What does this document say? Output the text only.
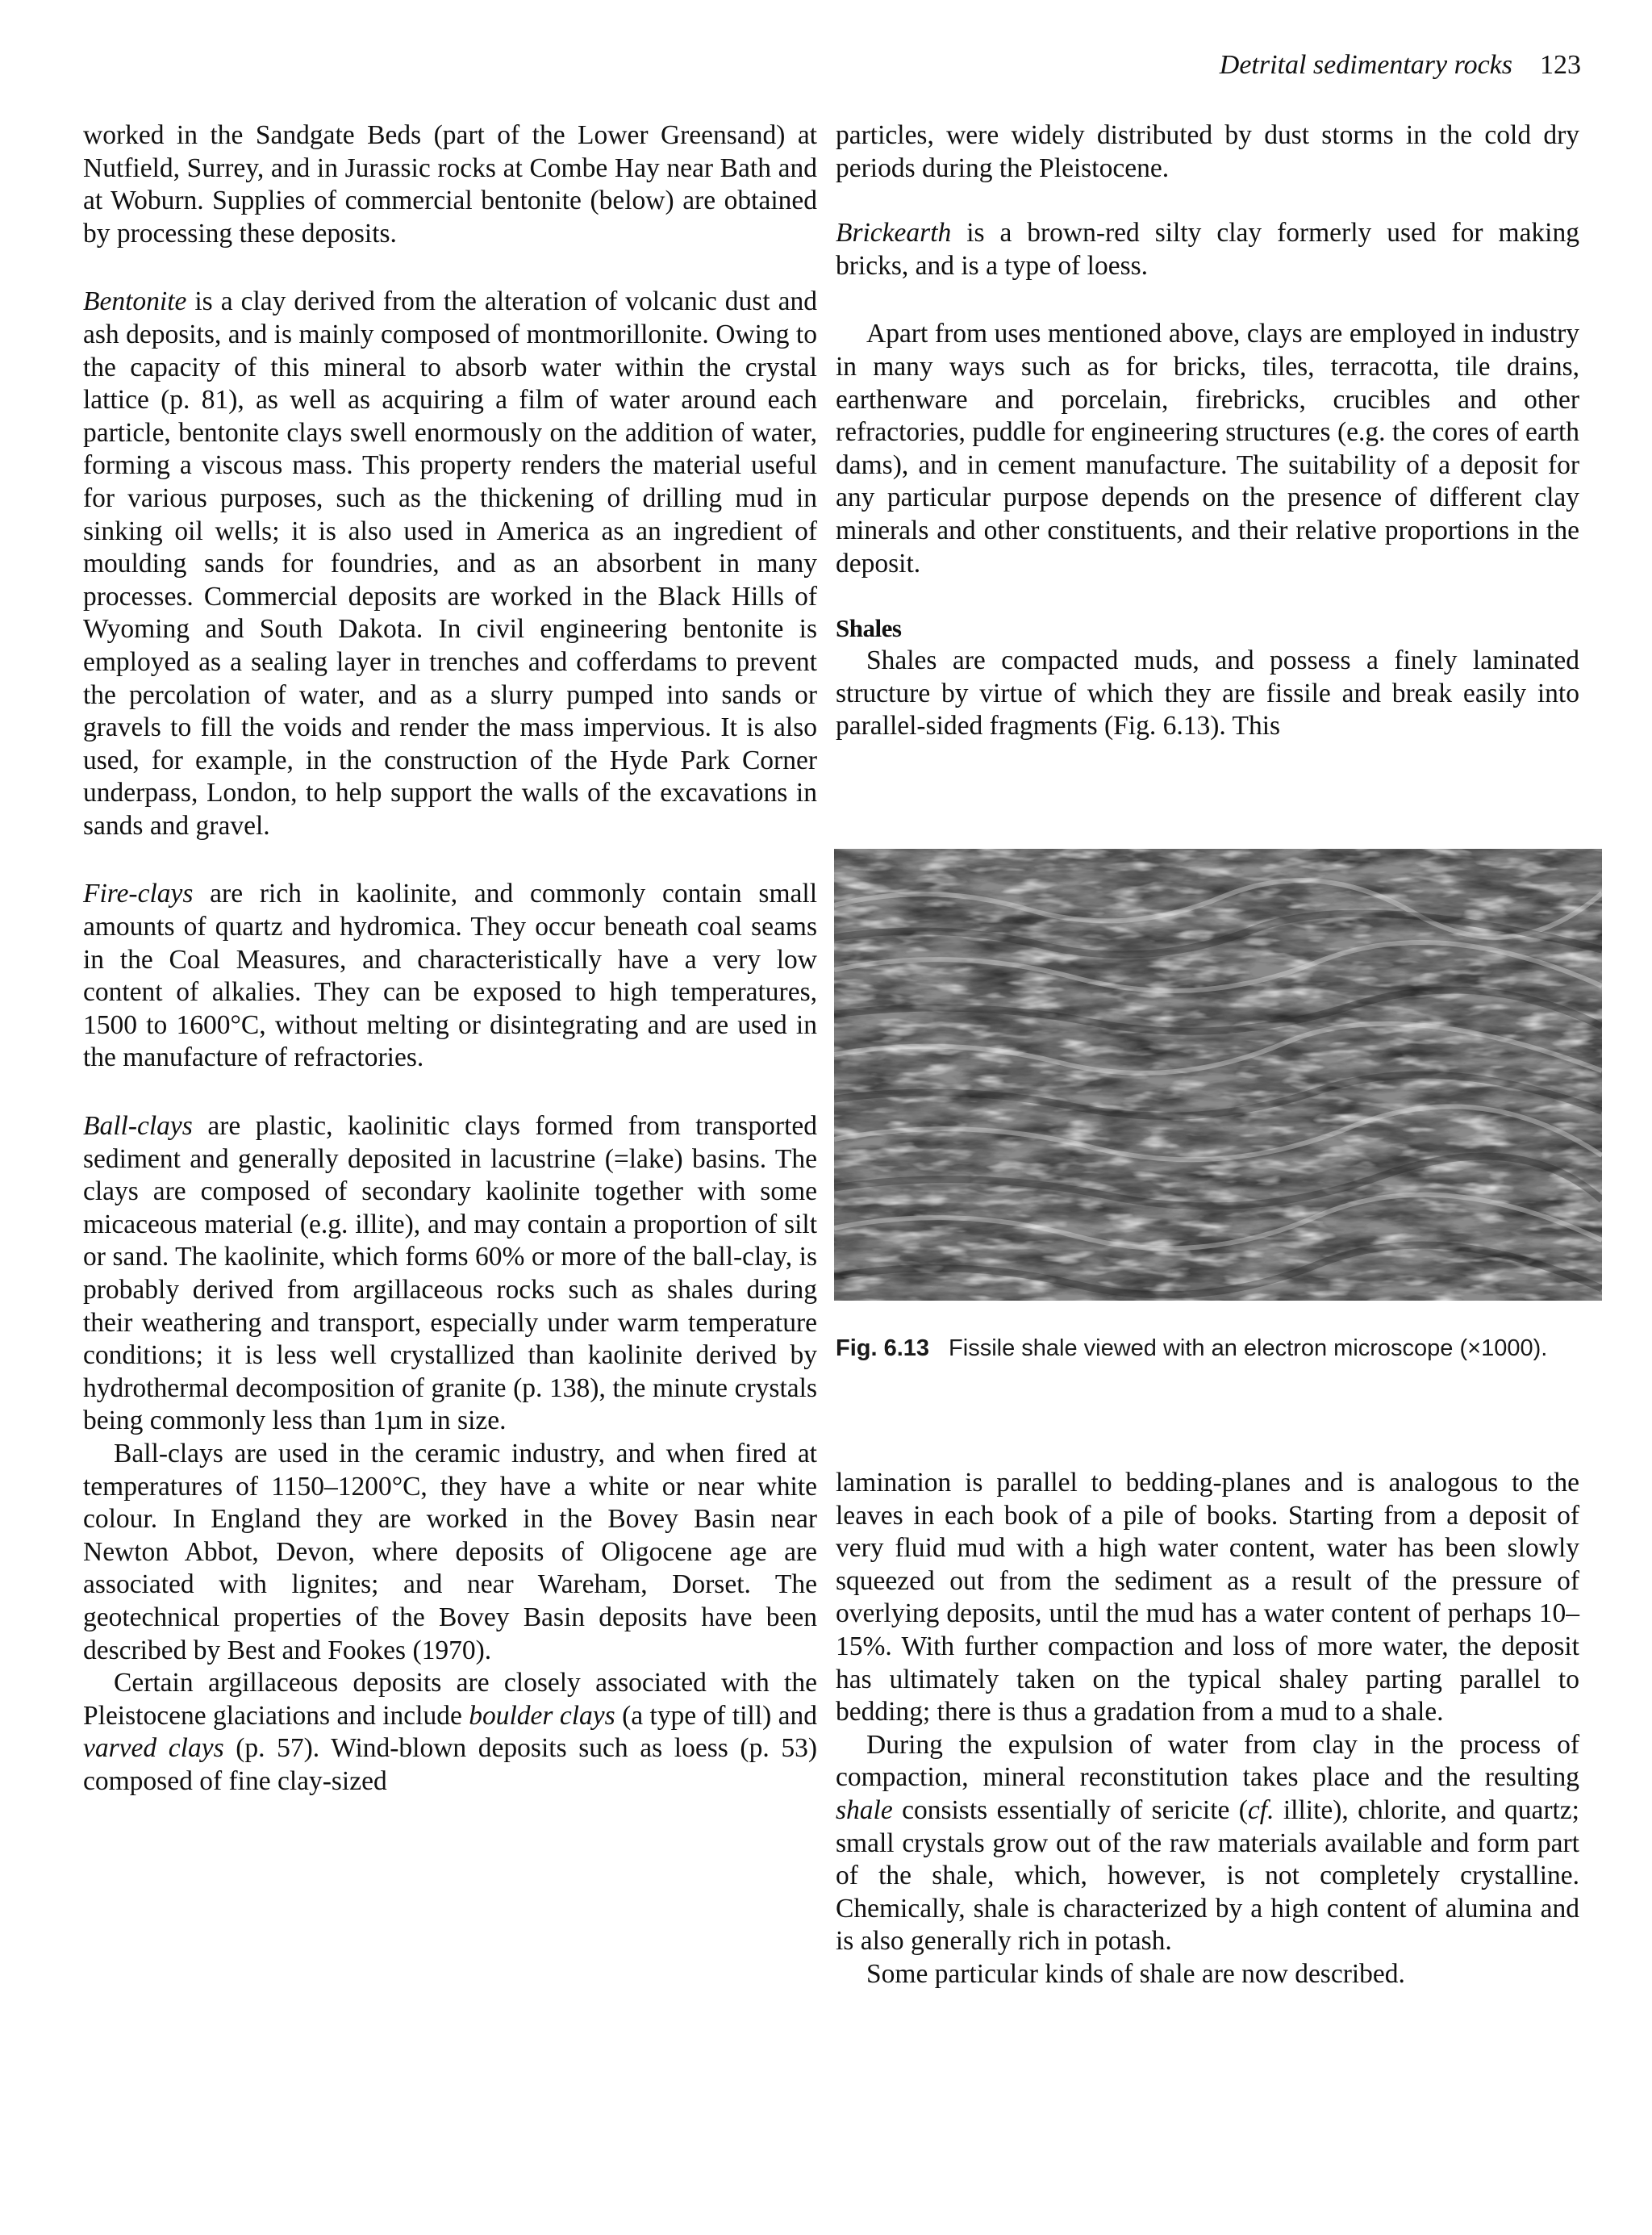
Detrital sedimentary rocks 123

worked in the Sandgate Beds (part of the Lower Greensand) at Nutfield, Surrey, and in Jurassic rocks at Combe Hay near Bath and at Woburn. Supplies of commercial bentonite (below) are obtained by processing these deposits.

Bentonite is a clay derived from the alteration of volcanic dust and ash deposits, and is mainly composed of montmorillonite. Owing to the capacity of this mineral to absorb water within the crystal lattice (p. 81), as well as acquiring a film of water around each particle, bentonite clays swell enormously on the addition of water, forming a viscous mass. This property renders the material useful for various purposes, such as the thickening of drilling mud in sinking oil wells; it is also used in America as an ingredient of moulding sands for foundries, and as an absorbent in many processes. Commercial deposits are worked in the Black Hills of Wyoming and South Dakota. In civil engineering bentonite is employed as a sealing layer in trenches and cofferdams to prevent the percolation of water, and as a slurry pumped into sands or gravels to fill the voids and render the mass impervious. It is also used, for example, in the construction of the Hyde Park Corner underpass, London, to help support the walls of the excavations in sands and gravel.

Fire-clays are rich in kaolinite, and commonly contain small amounts of quartz and hydromica. They occur beneath coal seams in the Coal Measures, and characteristically have a very low content of alkalies. They can be exposed to high temperatures, 1500 to 1600°C, without melting or disintegrating and are used in the manufacture of refractories.

Ball-clays are plastic, kaolinitic clays formed from transported sediment and generally deposited in lacustrine (=lake) basins. The clays are composed of secondary kaolinite together with some micaceous material (e.g. illite), and may contain a proportion of silt or sand. The kaolinite, which forms 60% or more of the ball-clay, is probably derived from argillaceous rocks such as shales during their weathering and transport, especially under warm temperature conditions; it is less well crystallized than kaolinite derived by hydrothermal decomposition of granite (p. 138), the minute crystals being commonly less than 1µm in size.

Ball-clays are used in the ceramic industry, and when fired at temperatures of 1150–1200°C, they have a white or near white colour. In England they are worked in the Bovey Basin near Newton Abbot, Devon, where deposits of Oligocene age are associated with lignites; and near Wareham, Dorset. The geotechnical properties of the Bovey Basin deposits have been described by Best and Fookes (1970).

Certain argillaceous deposits are closely associated with the Pleistocene glaciations and include boulder clays (a type of till) and varved clays (p. 57). Wind-blown deposits such as loess (p. 53) composed of fine clay-sized

particles, were widely distributed by dust storms in the cold dry periods during the Pleistocene.

Brickearth is a brown-red silty clay formerly used for making bricks, and is a type of loess.

Apart from uses mentioned above, clays are employed in industry in many ways such as for bricks, tiles, terracotta, tile drains, earthenware and porcelain, firebricks, crucibles and other refractories, puddle for engineering structures (e.g. the cores of earth dams), and in cement manufacture. The suitability of a deposit for any particular purpose depends on the presence of different clay minerals and other constituents, and their relative proportions in the deposit.

Shales

Shales are compacted muds, and possess a finely laminated structure by virtue of which they are fissile and break easily into parallel-sided fragments (Fig. 6.13). This

Fig. 6.13 Fissile shale viewed with an electron microscope (×1000).

lamination is parallel to bedding-planes and is analogous to the leaves in each book of a pile of books. Starting from a deposit of very fluid mud with a high water content, water has been slowly squeezed out from the sediment as a result of the pressure of overlying deposits, until the mud has a water content of perhaps 10–15%. With further compaction and loss of more water, the deposit has ultimately taken on the typical shaley parting parallel to bedding; there is thus a gradation from a mud to a shale.

During the expulsion of water from clay in the process of compaction, mineral reconstitution takes place and the resulting shale consists essentially of sericite (cf. illite), chlorite, and quartz; small crystals grow out of the raw materials available and form part of the shale, which, however, is not completely crystalline. Chemically, shale is characterized by a high content of alumina and is also generally rich in potash.

Some particular kinds of shale are now described.
